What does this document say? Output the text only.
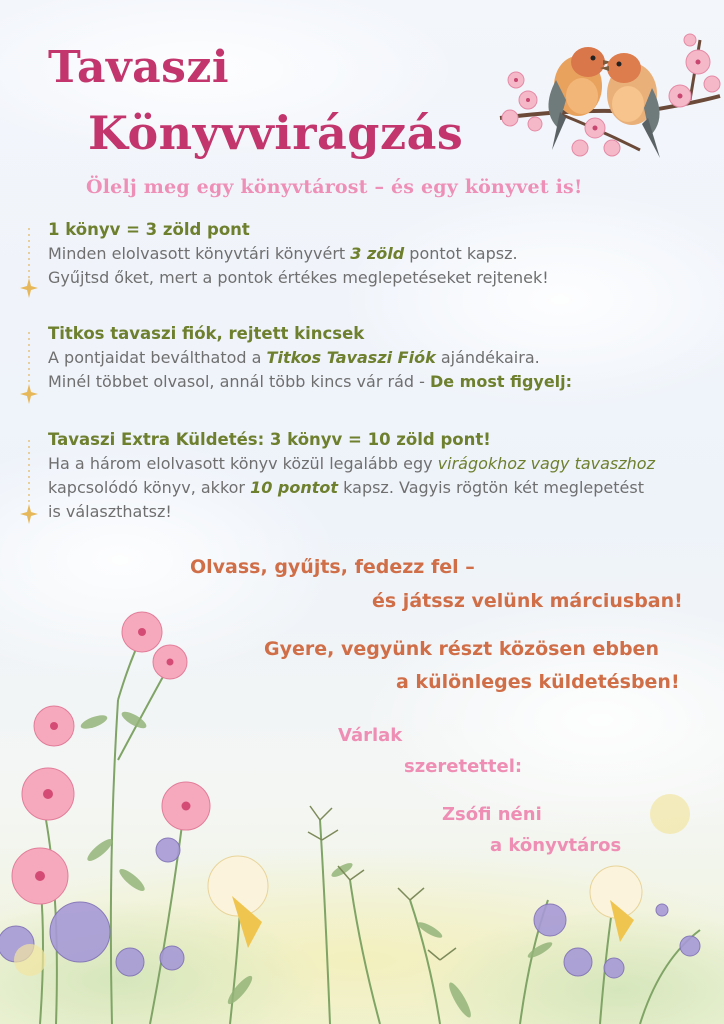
Tavaszi
Könyvvirágzás
Ölelj meg egy könyvtárost – és egy könyvet is!
1 könyv = 3 zöld pont
Minden elolvasott könyvtári könyvért 3 zöld pontot kapsz.
Gyűjtsd őket, mert a pontok értékes meglepetéseket rejtenek!
Titkos tavaszi fiók, rejtett kincsek
A pontjaidat beválthatod a Titkos Tavaszi Fiók ajándékaira.
Minél többet olvasol, annál több kincs vár rád - De most figyelj:
Tavaszi Extra Küldetés: 3 könyv = 10 zöld pont!
Ha a három elolvasott könyv közül legalább egy virágokhoz vagy tavaszhoz
kapcsolódó könyv, akkor 10 pontot kapsz. Vagyis rögtön két meglepetést
is választhatsz!
Olvass, gyűjts, fedezz fel –
és játssz velünk márciusban!
Gyere, vegyünk részt közösen ebben
a különleges küldetésben!
Várlak
szeretettel:
Zsófi néni
a könyvtáros
